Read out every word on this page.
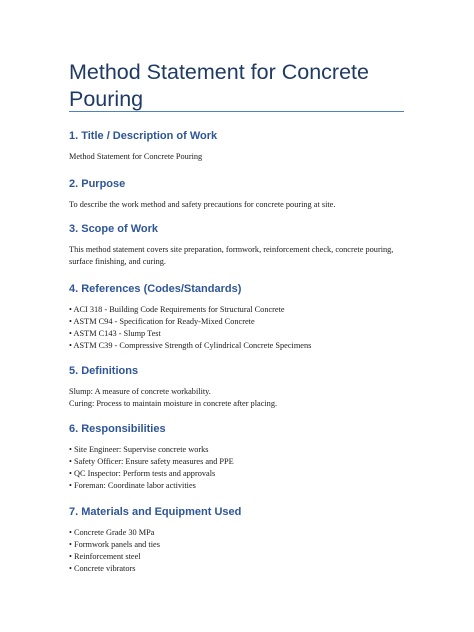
Method Statement for Concrete Pouring
1. Title / Description of Work

Method Statement for Concrete Pouring

2. Purpose

To describe the work method and safety precautions for concrete pouring at site.

3. Scope of Work

This method statement covers site preparation, formwork, reinforcement check, concrete pouring, surface finishing, and curing.

4. References (Codes/Standards)
• ACI 318 - Building Code Requirements for Structural Concrete
• ASTM C94 - Specification for Ready-Mixed Concrete
• ASTM C143 - Slump Test
• ASTM C39 - Compressive Strength of Cylindrical Concrete Specimens
5. Definitions

Slump: A measure of concrete workability.

Curing: Process to maintain moisture in concrete after placing.

6. Responsibilities
• Site Engineer: Supervise concrete works
• Safety Officer: Ensure safety measures and PPE
• QC Inspector: Perform tests and approvals
• Foreman: Coordinate labor activities
7. Materials and Equipment Used
• Concrete Grade 30 MPa
• Formwork panels and ties
• Reinforcement steel
• Concrete vibrators
